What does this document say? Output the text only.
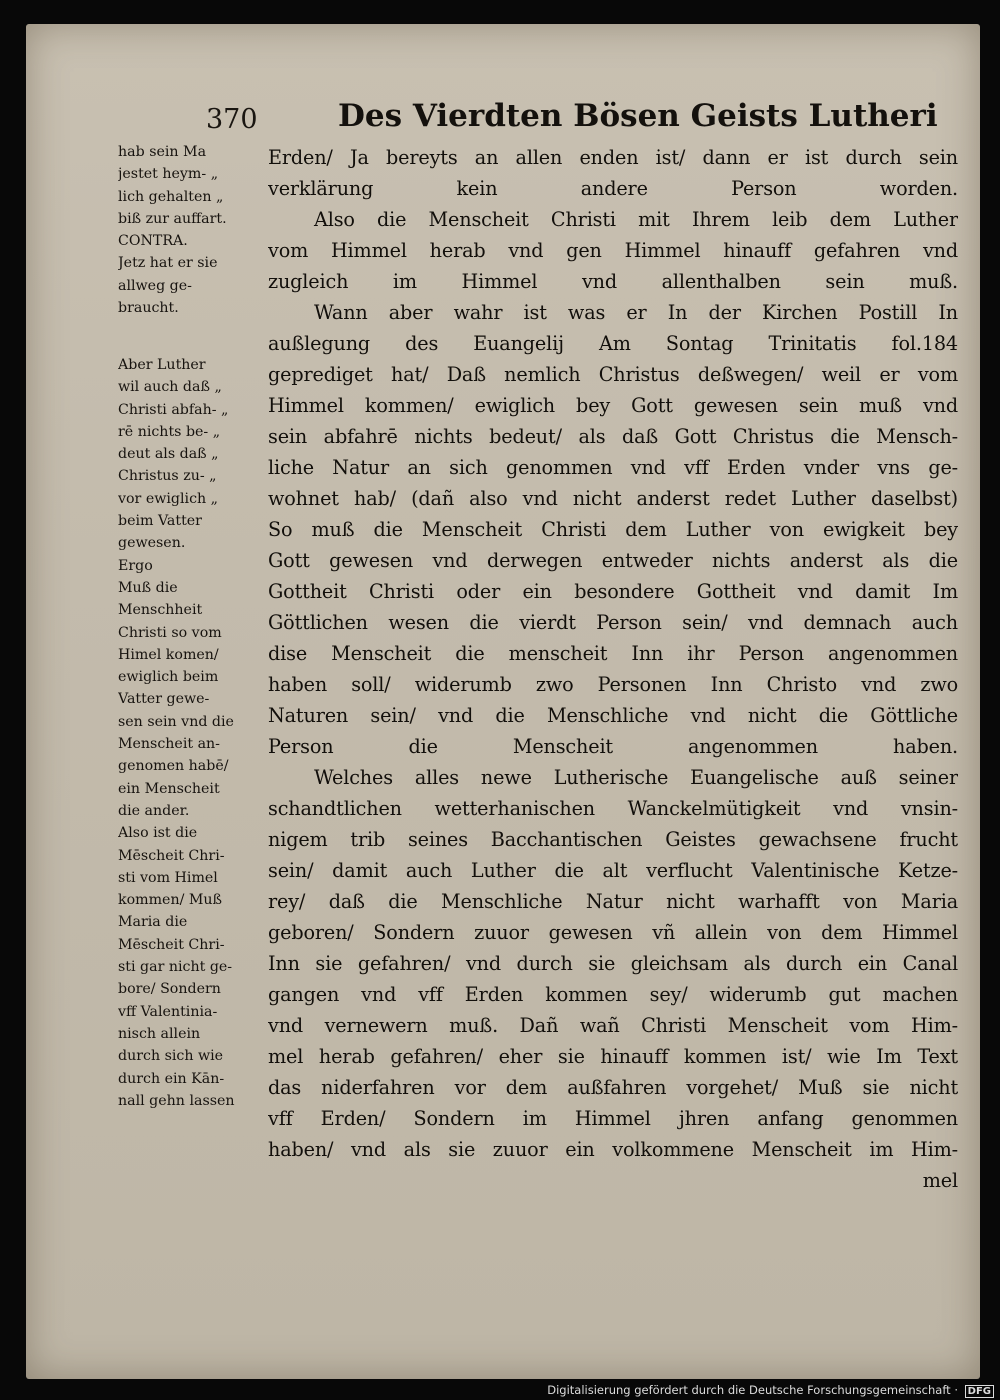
370	Des Vierdten Bösen Geists Lutheri
hab sein Ma
jestet heym- „
lich gehalten „
biß zur auffart.
CONTRA.
Jetz hat er sie
allweg ge-
braucht.
Aber Luther
wil auch daß „
Christi abfah- „
rē nichts be- „
deut als daß „
Christus zu- „
vor ewiglich „
beim Vatter
gewesen.
Ergo
Muß die
Menschheit
Christi so vom
Himel komen/
ewiglich beim
Vatter gewe-
sen sein vnd die
Menscheit an-
genomen habē/
ein Menscheit
die ander.
Also ist die
Mēscheit Chri-
sti vom Himel
kommen/ Muß
Maria die
Mēscheit Chri-
sti gar nicht ge-
bore/ Sondern
vff Valentinia-
nisch allein
durch sich wie
durch ein Kān-
nall gehn lassen
Erden/ Ja bereyts an allen enden ist/ dann er ist durch sein
verklärung kein andere Person worden.
Also die Menscheit Christi mit Ihrem leib dem Luther
vom Himmel herab vnd gen Himmel hinauff gefahren vnd
zugleich im Himmel vnd allenthalben sein muß.
Wann aber wahr ist was er In der Kirchen Postill In
außlegung des Euangelij Am Sontag Trinitatis fol.184
geprediget hat/ Daß nemlich Christus deßwegen/ weil er vom
Himmel kommen/ ewiglich bey Gott gewesen sein muß vnd
sein abfahrē nichts bedeut/ als daß Gott Christus die Mensch-
liche Natur an sich genommen vnd vff Erden vnder vns ge-
wohnet hab/ (dañ also vnd nicht anderst redet Luther daselbst)
So muß die Menscheit Christi dem Luther von ewigkeit bey
Gott gewesen vnd derwegen entweder nichts anderst als die
Gottheit Christi oder ein besondere Gottheit vnd damit Im
Göttlichen wesen die vierdt Person sein/ vnd demnach auch
dise Menscheit die menscheit Inn ihr Person angenommen
haben soll/ widerumb zwo Personen Inn Christo vnd zwo
Naturen sein/ vnd die Menschliche vnd nicht die Göttliche
Person die Menscheit angenommen haben.
Welches alles newe Lutherische Euangelische auß seiner
schandtlichen wetterhanischen Wanckelmütigkeit vnd vnsin-
nigem trib seines Bacchantischen Geistes gewachsene frucht
sein/ damit auch Luther die alt verflucht Valentinische Ketze-
rey/ daß die Menschliche Natur nicht warhafft von Maria
geboren/ Sondern zuuor gewesen vñ allein von dem Himmel
Inn sie gefahren/ vnd durch sie gleichsam als durch ein Canal
gangen vnd vff Erden kommen sey/ widerumb gut machen
vnd vernewern muß. Dañ wañ Christi Menscheit vom Him-
mel herab gefahren/ eher sie hinauff kommen ist/ wie Im Text
das niderfahren vor dem außfahren vorgehet/ Muß sie nicht
vff Erden/ Sondern im Himmel jhren anfang genommen
haben/ vnd als sie zuuor ein volkommene Menscheit im Him-
mel
Digitalisierung gefördert durch die Deutsche Forschungsgemeinschaft · DFG
